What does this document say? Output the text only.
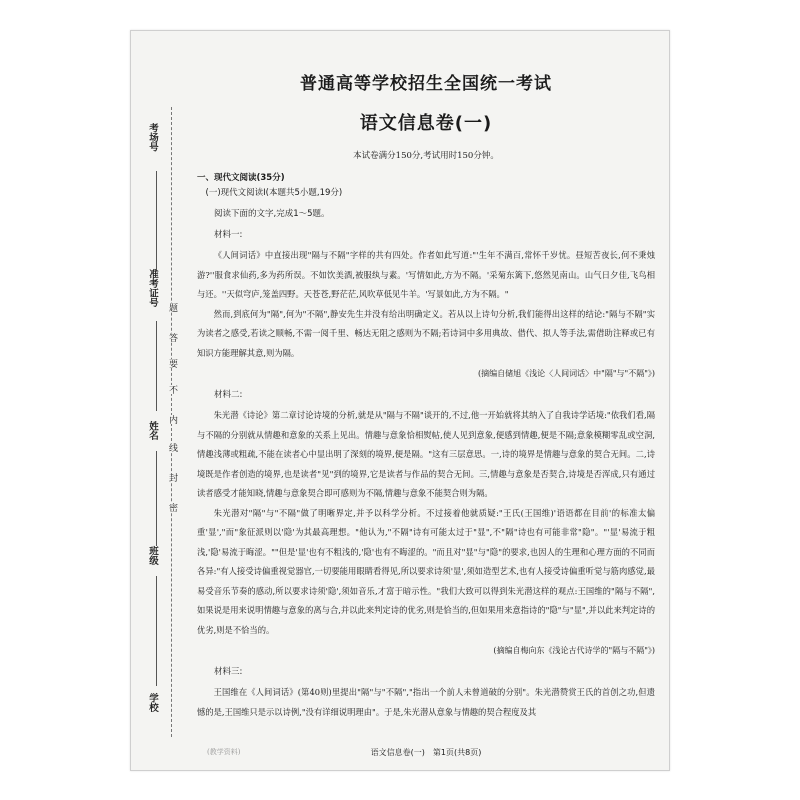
考场号
准考证号
姓名
班级
学校
密
封
线
内
不
要
答
题
普通高等学校招生全国统一考试
语文信息卷(一)
本试卷满分150分,考试用时150分钟。
一、现代文阅读(35分)
(一)现代文阅读Ⅰ(本题共5小题,19分)
阅读下面的文字,完成1～5题。
材料一:

《人间词话》中直接出现"隔与不隔"字样的共有四处。作者如此写道:"'生年不满百,常怀千岁忧。昼短苦夜长,何不秉烛游?''服食求仙药,多为药所误。不如饮美酒,被服纨与素。'写情如此,方为不隔。'采菊东篱下,悠然见南山。山气日夕佳,飞鸟相与还。''天似穹庐,笼盖四野。天苍苍,野茫茫,风吹草低见牛羊。'写景如此,方为不隔。"

然而,到底何为"隔",何为"不隔",静安先生并没有给出明确定义。若从以上诗句分析,我们能得出这样的结论:"隔与不隔"实为读者之感受,若读之顺畅,不需一阅千里、畅达无阻之感则为不隔;若诗词中多用典故、借代、拟人等手法,需借助注释或已有知识方能理解其意,则为隔。

(摘编自储旭《浅论〈人间词话〉中"隔"与"不隔"》)
材料二:

朱光潜《诗论》第二章讨论诗境的分析,就是从"隔与不隔"谈开的,不过,他一开始就将其纳入了自我诗学话境:"依我们看,隔与不隔的分别就从情趣和意象的关系上见出。情趣与意象恰相熨帖,使人见到意象,便感到情趣,便是不隔;意象模糊零乱或空洞,情趣浅薄或粗疏,不能在读者心中显出明了深刻的境界,便是隔。"这有三层意思。一,诗的境界是情趣与意象的契合无间。二,诗境既是作者创造的境界,也是读者"见"到的境界,它是读者与作品的契合无间。三,情趣与意象是否契合,诗境是否浑成,只有通过读者感受才能知晓,情趣与意象契合即可感则为不隔,情趣与意象不能契合则为隔。

朱光潜对"隔"与"不隔"做了明晰界定,并予以科学分析。不过接着他就质疑:"王氏(王国维)'语语都在目前'的标准太偏重'显',"而"象征派则以'隐'为其最高理想。"他认为,"不隔"诗有可能太过于"显",不"隔"诗也有可能非常"隐"。"'显'易流于粗浅,'隐'易流于晦涩。""但是'显'也有不粗浅的,'隐'也有不晦涩的。"而且对"显"与"隐"的要求,也因人的生理和心理方面的不同而各异:"有人接受诗偏重视觉器官,一切要能用眼睛看得见,所以要求诗须'显',须如造型艺术,也有人接受诗偏重听觉与筋肉感觉,最易受音乐节奏的感动,所以要求诗须'隐',须如音乐,才富于暗示性。"我们大致可以得到朱光潜这样的观点:王国维的"隔与不隔",如果说是用来说明情趣与意象的离与合,并以此来判定诗的优劣,则是恰当的,但如果用来意指诗的"隐"与"显",并以此来判定诗的优劣,则是不恰当的。

(摘编自梅向东《浅论古代诗学的"隔与不隔"》)
材料三:

王国维在《人间词话》(第40则)里提出"隔"与"不隔","指出一个前人未曾道破的分别"。朱光潜赞赏王氏的首创之功,但遗憾的是,王国维只是示以诗例,"没有详细说明理由"。于是,朱光潜从意象与情趣的契合程度及其

(教学资料)	语文信息卷(一)　第1页(共8页)
